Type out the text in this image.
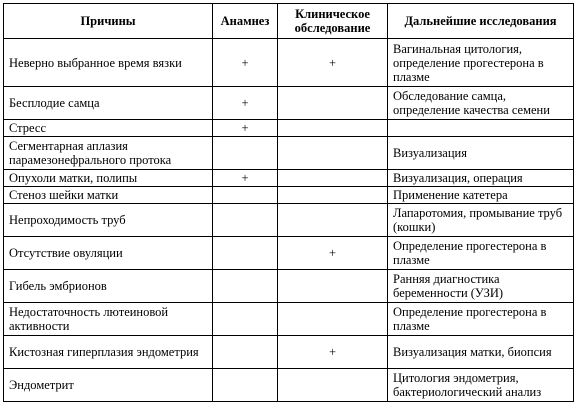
Причины	Анамнез	Клиническое обследование	Дальнейшие исследования
Неверно выбранное время вязки	+	+	Вагинальная цитология, определение прогестерона в плазме
Бесплодие самца	+		Обследование самца, определение качества семени
Стресс	+		
Сегментарная аплазия парамезонефрального протока			Визуализация
Опухоли матки, полипы	+		Визуализация, операция
Стеноз шейки матки			Применение катетера
Непроходимость труб			Лапаротомия, промывание труб (кошки)
Отсутствие овуляции		+	Определение прогестерона в плазме
Гибель эмбрионов			Ранняя диагностика беременности (УЗИ)
Недостаточность лютеиновой активности			Определение прогестерона в плазме
Кистозная гиперплазия эндометрия		+	Визуализация матки, биопсия
Эндометрит			Цитология эндометрия, бактериологический анализ
